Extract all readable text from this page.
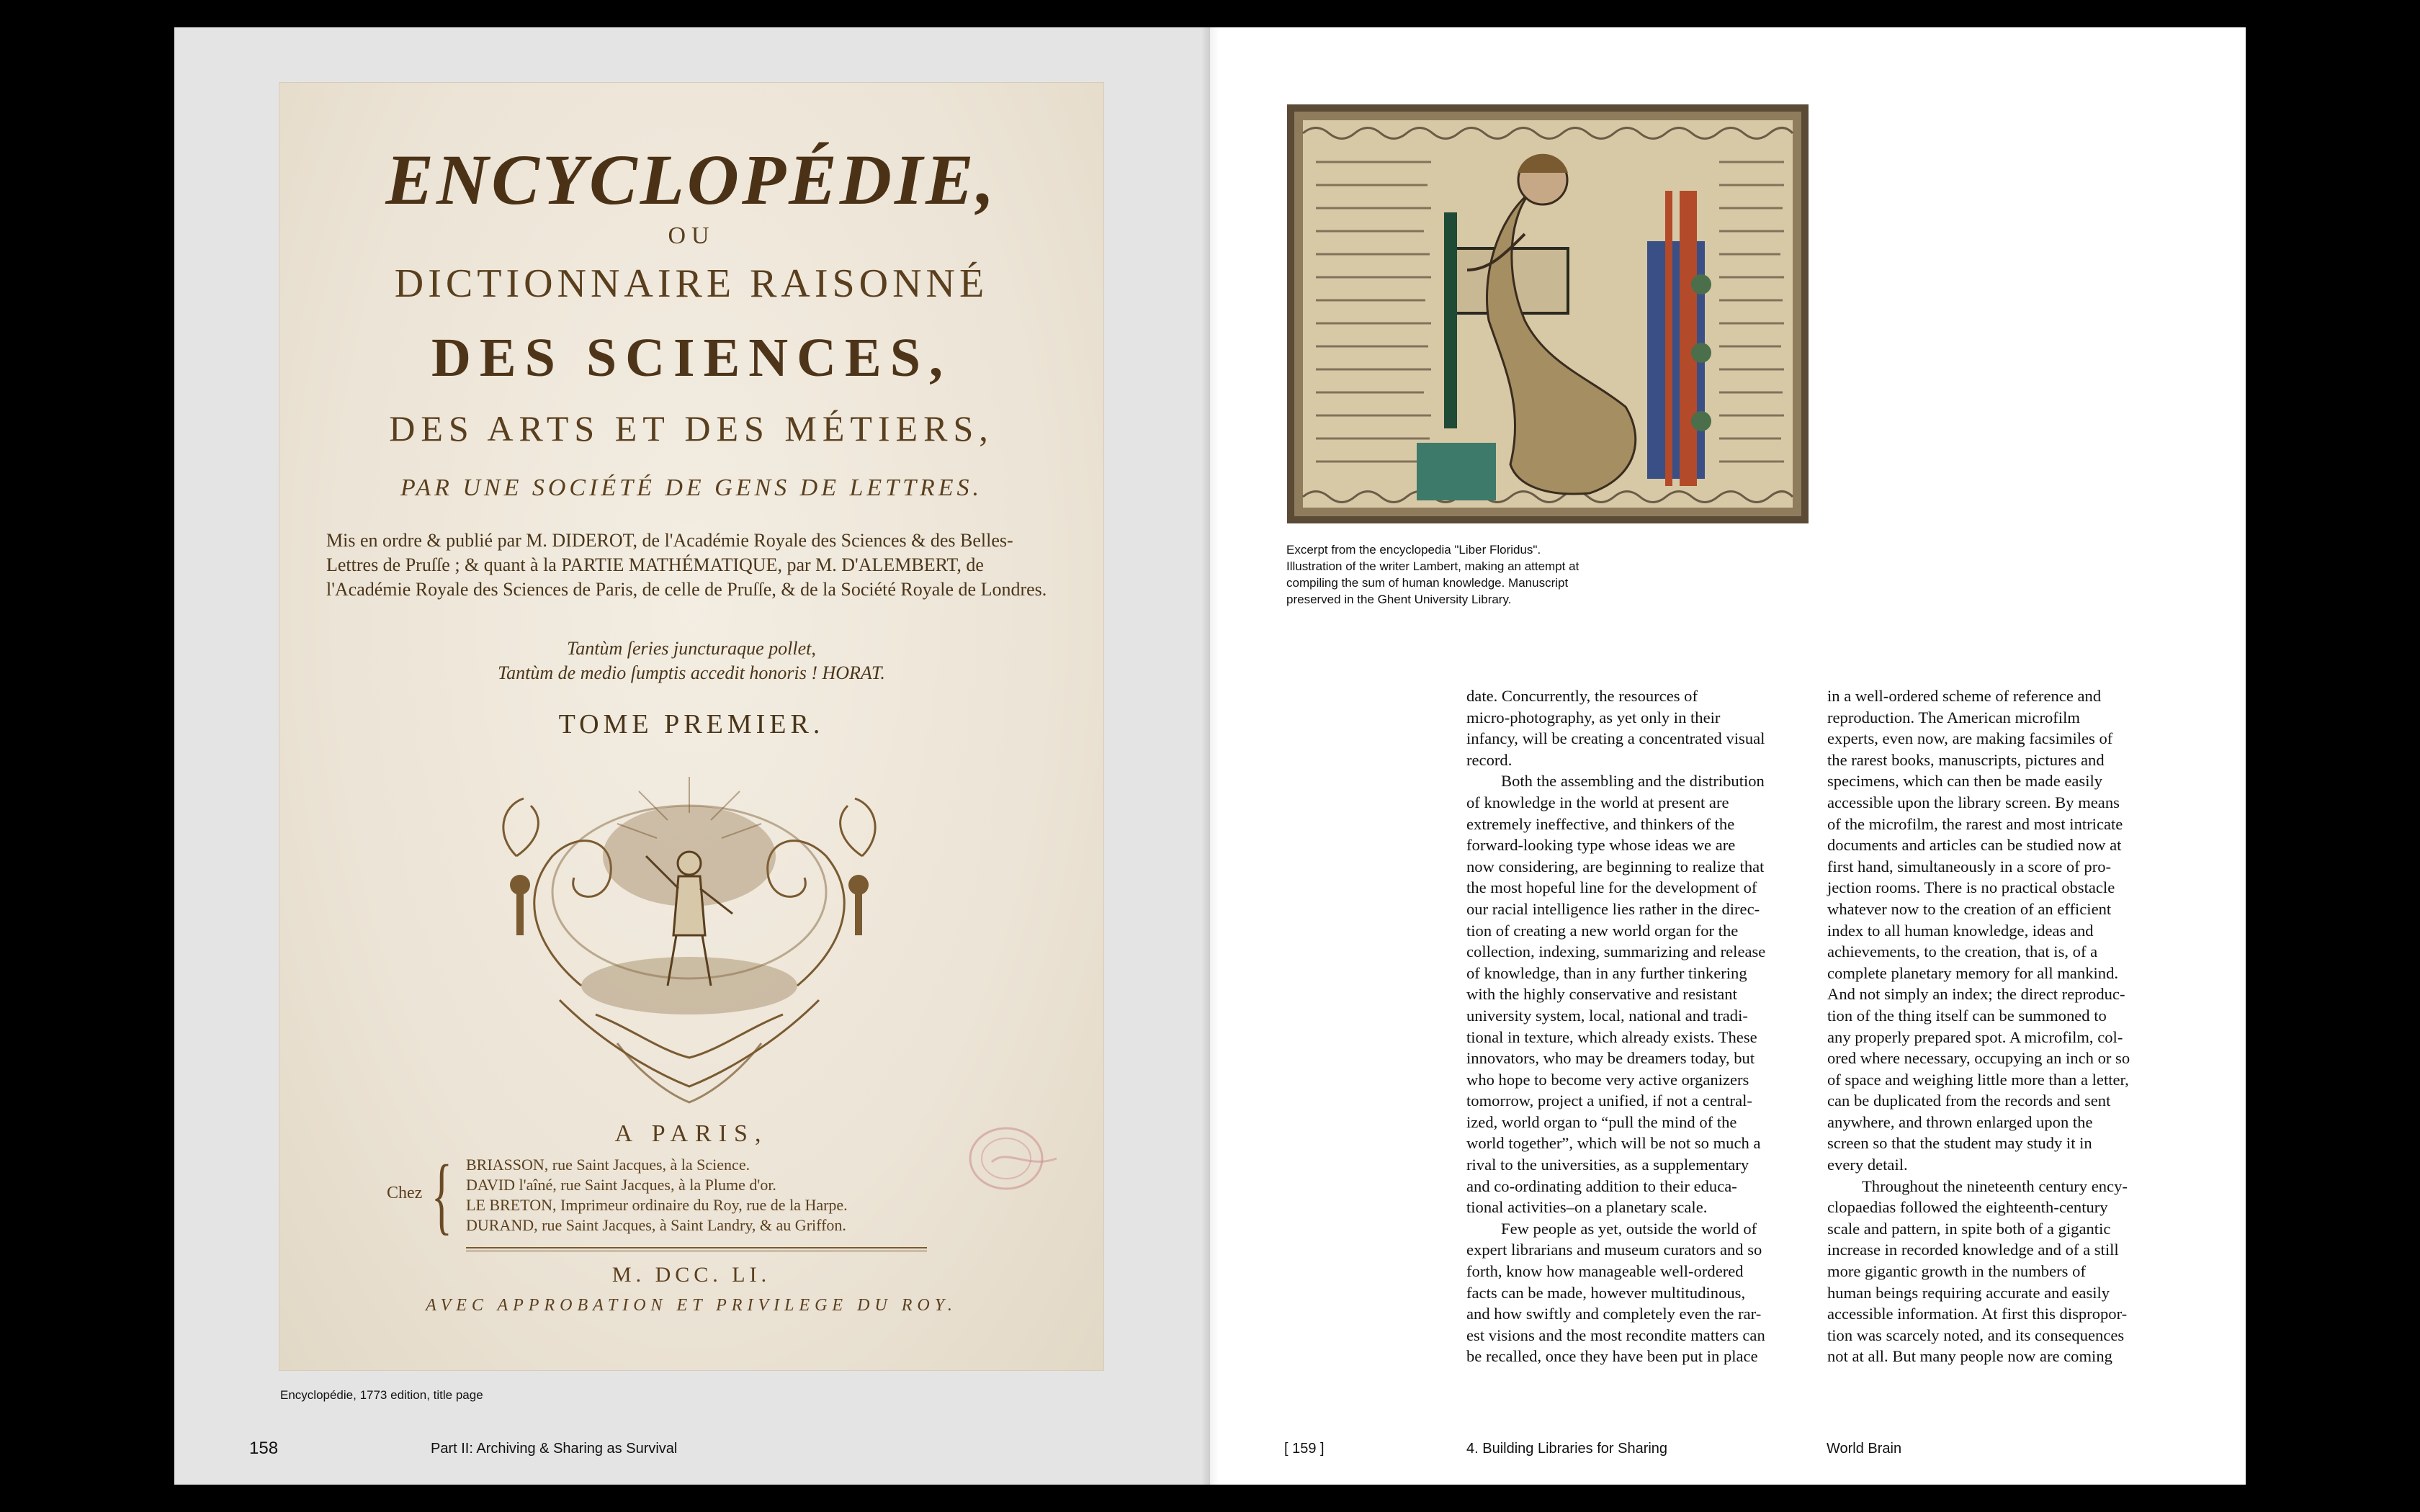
ENCYCLOPÉDIE,
OU
DICTIONNAIRE RAISONNÉ
DES SCIENCES,
DES ARTS ET DES MÉTIERS,
PAR UNE SOCIÉTÉ DE GENS DE LETTRES.
Mis en ordre & publié par M. DIDEROT, de l'Académie Royale des Sciences & des Belles-Lettres de Pruſſe ; & quant à la PARTIE MATHÉMATIQUE, par M. D'ALEMBERT, de l'Académie Royale des Sciences de Paris, de celle de Pruſſe, & de la Société Royale de Londres.
Tantùm ſeries juncturaque pollet,
Tantùm de medio ſumptis accedit honoris ! HORAT.
TOME PREMIER.
A PARIS,
Chez { BRIASSON, rue Saint Jacques, à la Science.
DAVID l'aîné, rue Saint Jacques, à la Plume d'or.
LE BRETON, Imprimeur ordinaire du Roy, rue de la Harpe.
DURAND, rue Saint Jacques, à Saint Landry, & au Griffon.
M. DCC. LI.
AVEC APPROBATION ET PRIVILEGE DU ROY.
Encyclopédie, 1773 edition, title page
158	Part II: Archiving & Sharing as Survival
Excerpt from the encyclopedia "Liber Floridus".
Illustration of the writer Lambert, making an attempt at
compiling the sum of human knowledge. Manuscript
preserved in the Ghent University Library.
date. Concurrently, the resources of
micro-photography, as yet only in their
infancy, will be creating a concentrated visual
record.
Both the assembling and the distribution
of knowledge in the world at present are
extremely ineffective, and thinkers of the
forward-looking type whose ideas we are
now considering, are beginning to realize that
the most hopeful line for the development of
our racial intelligence lies rather in the direc-
tion of creating a new world organ for the
collection, indexing, summarizing and release
of knowledge, than in any further tinkering
with the highly conservative and resistant
university system, local, national and tradi-
tional in texture, which already exists. These
innovators, who may be dreamers today, but
who hope to become very active organizers
tomorrow, project a unified, if not a central-
ized, world organ to “pull the mind of the
world together”, which will be not so much a
rival to the universities, as a supplementary
and co-ordinating addition to their educa-
tional activities–on a planetary scale.
Few people as yet, outside the world of
expert librarians and museum curators and so
forth, know how manageable well-ordered
facts can be made, however multitudinous,
and how swiftly and completely even the rar-
est visions and the most recondite matters can
be recalled, once they have been put in place
in a well-ordered scheme of reference and
reproduction. The American microfilm
experts, even now, are making facsimiles of
the rarest books, manuscripts, pictures and
specimens, which can then be made easily
accessible upon the library screen. By means
of the microfilm, the rarest and most intricate
documents and articles can be studied now at
first hand, simultaneously in a score of pro-
jection rooms. There is no practical obstacle
whatever now to the creation of an efficient
index to all human knowledge, ideas and
achievements, to the creation, that is, of a
complete planetary memory for all mankind.
And not simply an index; the direct reproduc-
tion of the thing itself can be summoned to
any properly prepared spot. A microfilm, col-
ored where necessary, occupying an inch or so
of space and weighing little more than a letter,
can be duplicated from the records and sent
anywhere, and thrown enlarged upon the
screen so that the student may study it in
every detail.
Throughout the nineteenth century ency-
clopaedias followed the eighteenth-century
scale and pattern, in spite both of a gigantic
increase in recorded knowledge and of a still
more gigantic growth in the numbers of
human beings requiring accurate and easily
accessible information. At first this dispropor-
tion was scarcely noted, and its consequences
not at all. But many people now are coming
[ 159 ]	4. Building Libraries for Sharing	World Brain
